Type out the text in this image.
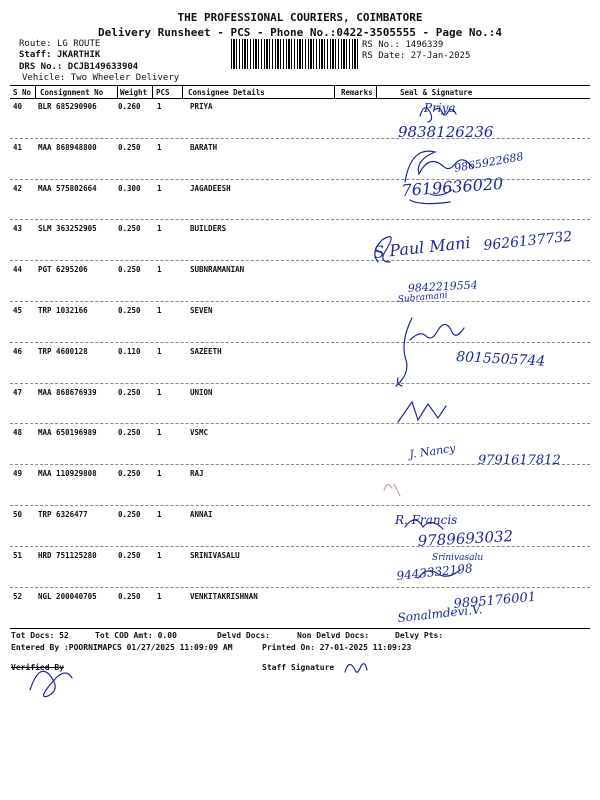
THE PROFESSIONAL COURIERS, COIMBATORE
Delivery Runsheet - PCS - Phone No.:0422-3505555 - Page No.:4
Route: LG ROUTE
Staff: JKARTHIK
DRS No.: DCJB149633904
Vehicle: Two Wheeler Delivery
RS No.: 1496339
RS Date: 27-Jan-2025
S No Consignment No Weight PCS Consignee Details	Remarks	Seal & Signature
40 BLR 685290906	0.260 1	PRIYA
41 MAA 868948800	0.250 1	BARATH
42 MAA 575802664	0.300 1	JAGADEESH
43 SLM 363252905	0.250 1	BUILDERS
44 PGT 6295206	0.250 1	SUBNRAMANIAN
45 TRP 1032166	0.250 1	SEVEN
46 TRP 4600128	0.110 1	SAZEETH
47 MAA 868676939	0.250 1	UNION
48 MAA 650196989	0.250 1	VSMC
49 MAA 110929808	0.250 1	RAJ
50 TRP 6326477	0.250 1	ANNAI
51 HRD 751125280	0.250 1	SRINIVASALU
52 NGL 200040705	0.250 1	VENKITAKRISHNAN
Priya
9838126236
9865922688
7619636020
S Paul Mani 9626137732
9842219554
Subramani
8015505744
J. Nancy 9791617812
R. Francis
9789693032
Srinivasalu
9443332198
9895176001
Sonalmdevi.V.
Tot Docs: 52	Tot COD Amt: 0.00	Delvd Docs:	Non Delvd Docs:	Delvy Pts:
Entered By :POORNIMAPCS 01/27/2025 11:09:09 AM	Printed On: 27-01-2025 11:09:23
Verified By	Staff Signature
